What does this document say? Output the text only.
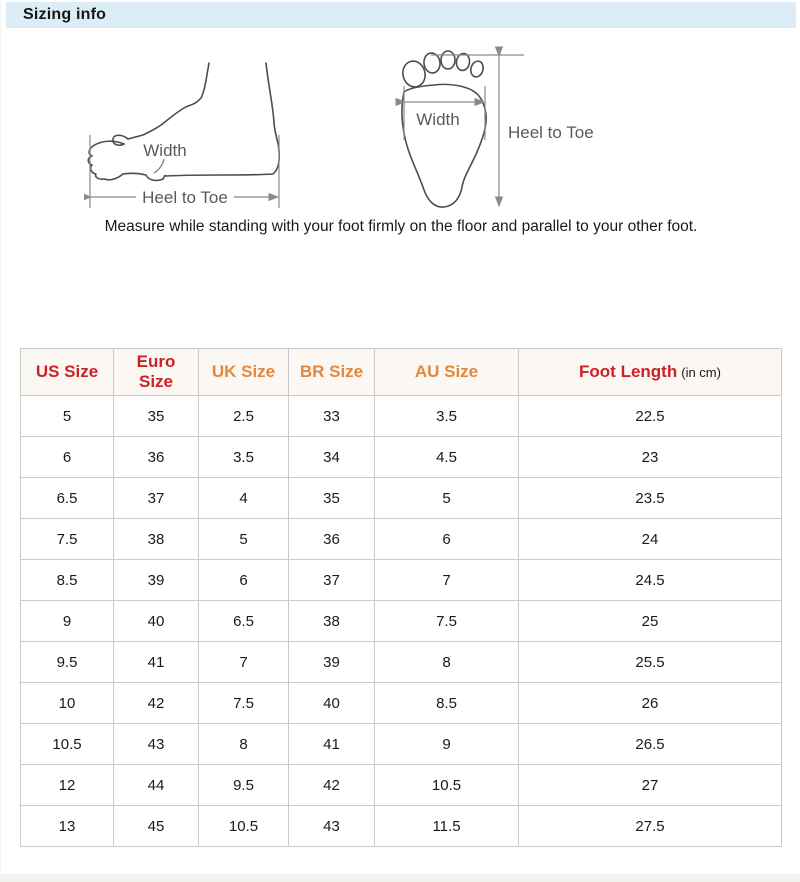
Sizing info
Width
Heel to Toe
Width
Heel to Toe
Measure while standing with your foot firmly on the floor and parallel to your other foot.
US Size	Euro Size	UK Size	BR Size	AU Size	Foot Length (in cm)
5	35	2.5	33	3.5	22.5
6	36	3.5	34	4.5	23
6.5	37	4	35	5	23.5
7.5	38	5	36	6	24
8.5	39	6	37	7	24.5
9	40	6.5	38	7.5	25
9.5	41	7	39	8	25.5
10	42	7.5	40	8.5	26
10.5	43	8	41	9	26.5
12	44	9.5	42	10.5	27
13	45	10.5	43	11.5	27.5
